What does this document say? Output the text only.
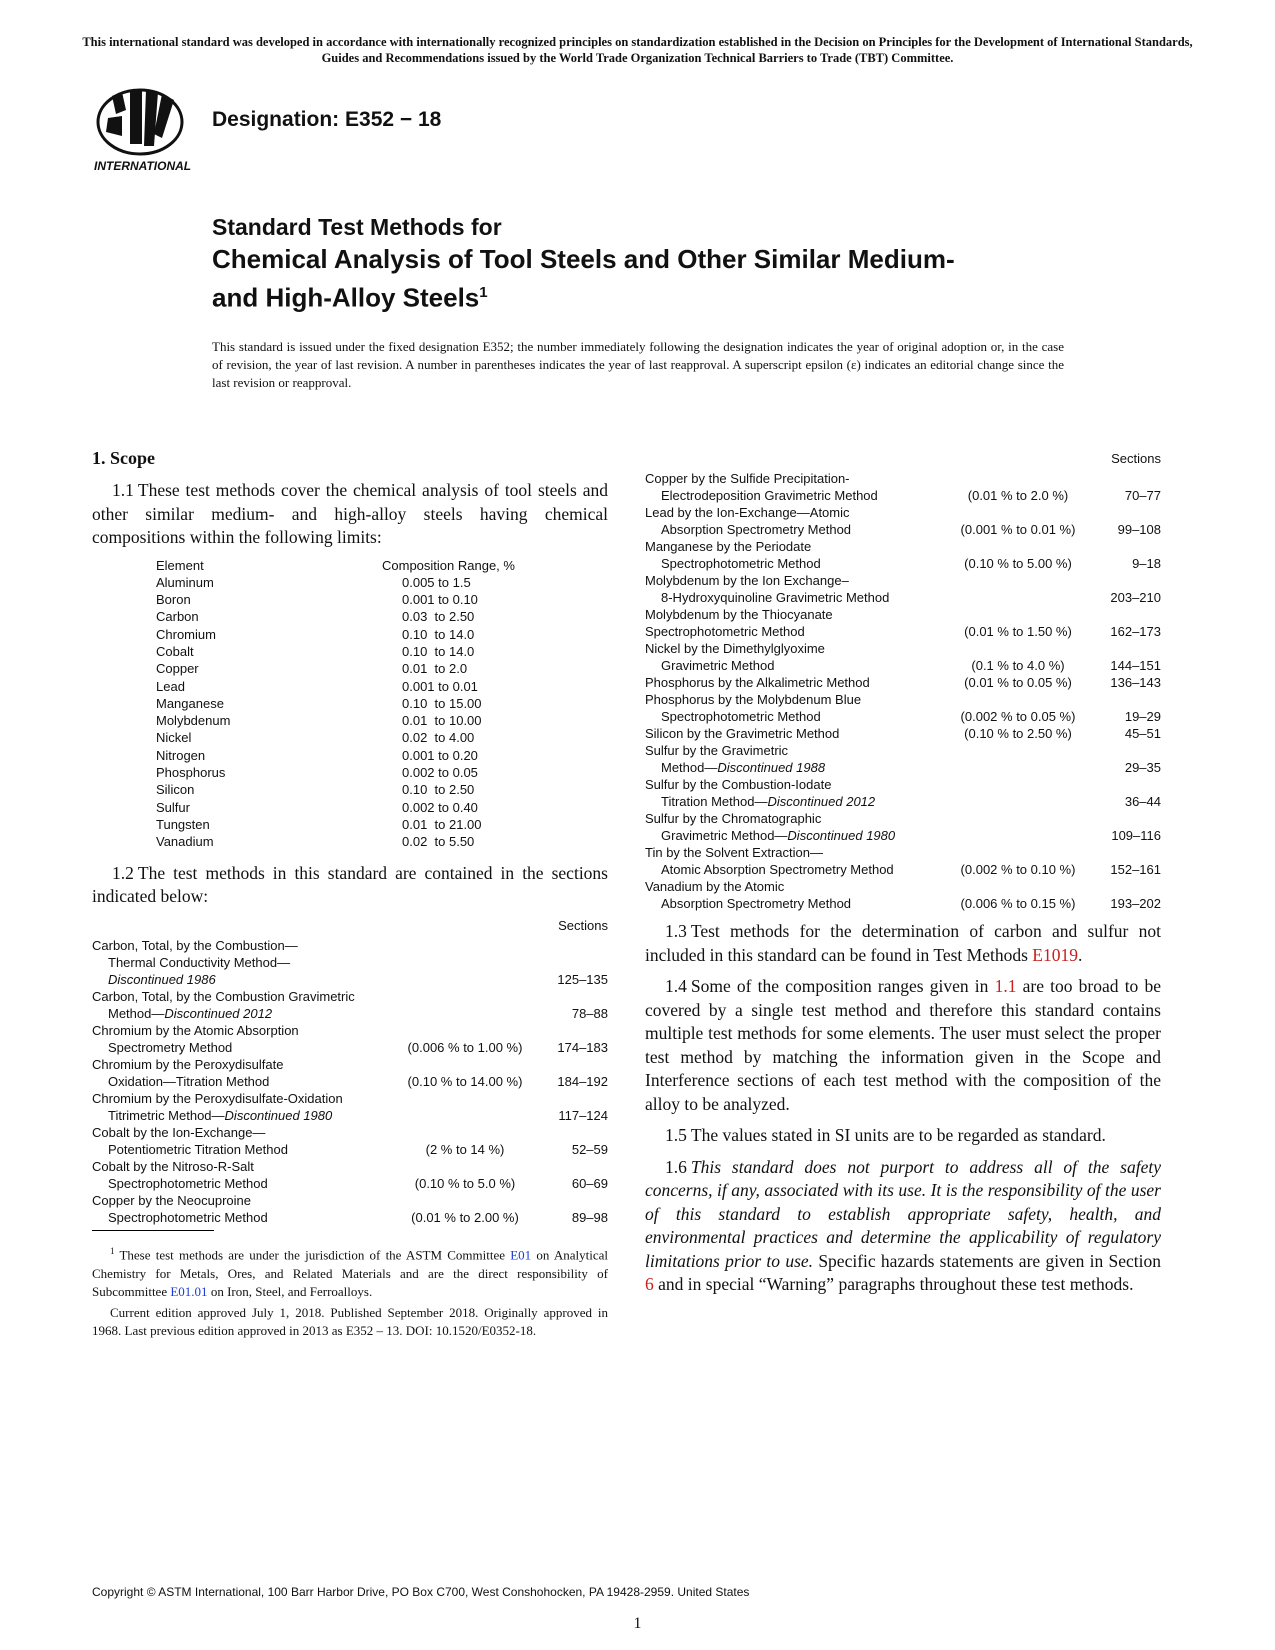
This international standard was developed in accordance with internationally recognized principles on standardization established in the Decision on Principles for the Development of International Standards, Guides and Recommendations issued by the World Trade Organization Technical Barriers to Trade (TBT) Committee.
INTERNATIONAL
Designation: E352 − 18
Standard Test Methods for
Chemical Analysis of Tool Steels and Other Similar Medium-
and High-Alloy Steels$^1$
This standard is issued under the fixed designation E352; the number immediately following the designation indicates the year of original adoption or, in the case of revision, the year of last revision. A number in parentheses indicates the year of last reapproval. A superscript epsilon (ε) indicates an editorial change since the last revision or reapproval.
1. Scope

1.1 These test methods cover the chemical analysis of tool steels and other similar medium- and high-alloy steels having chemical compositions within the following limits:

Element	Composition Range, %
Aluminum	0.005 to 1.5
Boron	0.001 to 0.10
Carbon	0.03  to 2.50
Chromium	0.10  to 14.0
Cobalt	0.10  to 14.0
Copper	0.01  to 2.0
Lead	0.001 to 0.01
Manganese	0.10  to 15.00
Molybdenum	0.01  to 10.00
Nickel	0.02  to 4.00
Nitrogen	0.001 to 0.20
Phosphorus	0.002 to 0.05
Silicon	0.10  to 2.50
Sulfur	0.002 to 0.40
Tungsten	0.01  to 21.00
Vanadium	0.02  to 5.50

1.2 The test methods in this standard are contained in the sections indicated below:

Sections
Carbon, Total, by the Combustion—
Thermal Conductivity Method—
Discontinued 1986	125–135
Carbon, Total, by the Combustion Gravimetric
Method—Discontinued 2012	78–88
Chromium by the Atomic Absorption
Spectrometry Method	(0.006 % to 1.00 %)	174–183
Chromium by the Peroxydisulfate
Oxidation—Titration Method	(0.10 % to 14.00 %)	184–192
Chromium by the Peroxydisulfate-Oxidation
Titrimetric Method—Discontinued 1980	117–124
Cobalt by the Ion-Exchange—
Potentiometric Titration Method	(2 % to 14 %)	52–59
Cobalt by the Nitroso-R-Salt
Spectrophotometric Method	(0.10 % to 5.0 %)	60–69
Copper by the Neocuproine
Spectrophotometric Method	(0.01 % to 2.00 %)	89–98
Sections
Copper by the Sulfide Precipitation-
Electrodeposition Gravimetric Method	(0.01 % to 2.0 %)	70–77
Lead by the Ion-Exchange—Atomic
Absorption Spectrometry Method	(0.001 % to 0.01 %)	99–108
Manganese by the Periodate
Spectrophotometric Method	(0.10 % to 5.00 %)	9–18
Molybdenum by the Ion Exchange–
8-Hydroxyquinoline Gravimetric Method	203–210
Molybdenum by the Thiocyanate
Spectrophotometric Method	(0.01 % to 1.50 %)	162–173
Nickel by the Dimethylglyoxime
Gravimetric Method	(0.1 % to 4.0 %)	144–151
Phosphorus by the Alkalimetric Method	(0.01 % to 0.05 %)	136–143
Phosphorus by the Molybdenum Blue
Spectrophotometric Method	(0.002 % to 0.05 %)	19–29
Silicon by the Gravimetric Method	(0.10 % to 2.50 %)	45–51
Sulfur by the Gravimetric
Method—Discontinued 1988	29–35
Sulfur by the Combustion-Iodate
Titration Method—Discontinued 2012	36–44
Sulfur by the Chromatographic
Gravimetric Method—Discontinued 1980	109–116
Tin by the Solvent Extraction—
Atomic Absorption Spectrometry Method	(0.002 % to 0.10 %)	152–161
Vanadium by the Atomic
Absorption Spectrometry Method	(0.006 % to 0.15 %)	193–202

1.3 Test methods for the determination of carbon and sulfur not included in this standard can be found in Test Methods E1019.

1.4 Some of the composition ranges given in 1.1 are too broad to be covered by a single test method and therefore this standard contains multiple test methods for some elements. The user must select the proper test method by matching the information given in the Scope and Interference sections of each test method with the composition of the alloy to be analyzed.

1.5 The values stated in SI units are to be regarded as standard.

1.6 This standard does not purport to address all of the safety concerns, if any, associated with its use. It is the responsibility of the user of this standard to establish appropriate safety, health, and environmental practices and determine the applicability of regulatory limitations prior to use. Specific hazards statements are given in Section 6 and in special “Warning” paragraphs throughout these test methods.

$^1$ These test methods are under the jurisdiction of the ASTM Committee E01 on Analytical Chemistry for Metals, Ores, and Related Materials and are the direct responsibility of Subcommittee E01.01 on Iron, Steel, and Ferroalloys.

Current edition approved July 1, 2018. Published September 2018. Originally approved in 1968. Last previous edition approved in 2013 as E352 – 13. DOI: 10.1520/E0352-18.

Copyright © ASTM International, 100 Barr Harbor Drive, PO Box C700, West Conshohocken, PA 19428-2959. United States
1
